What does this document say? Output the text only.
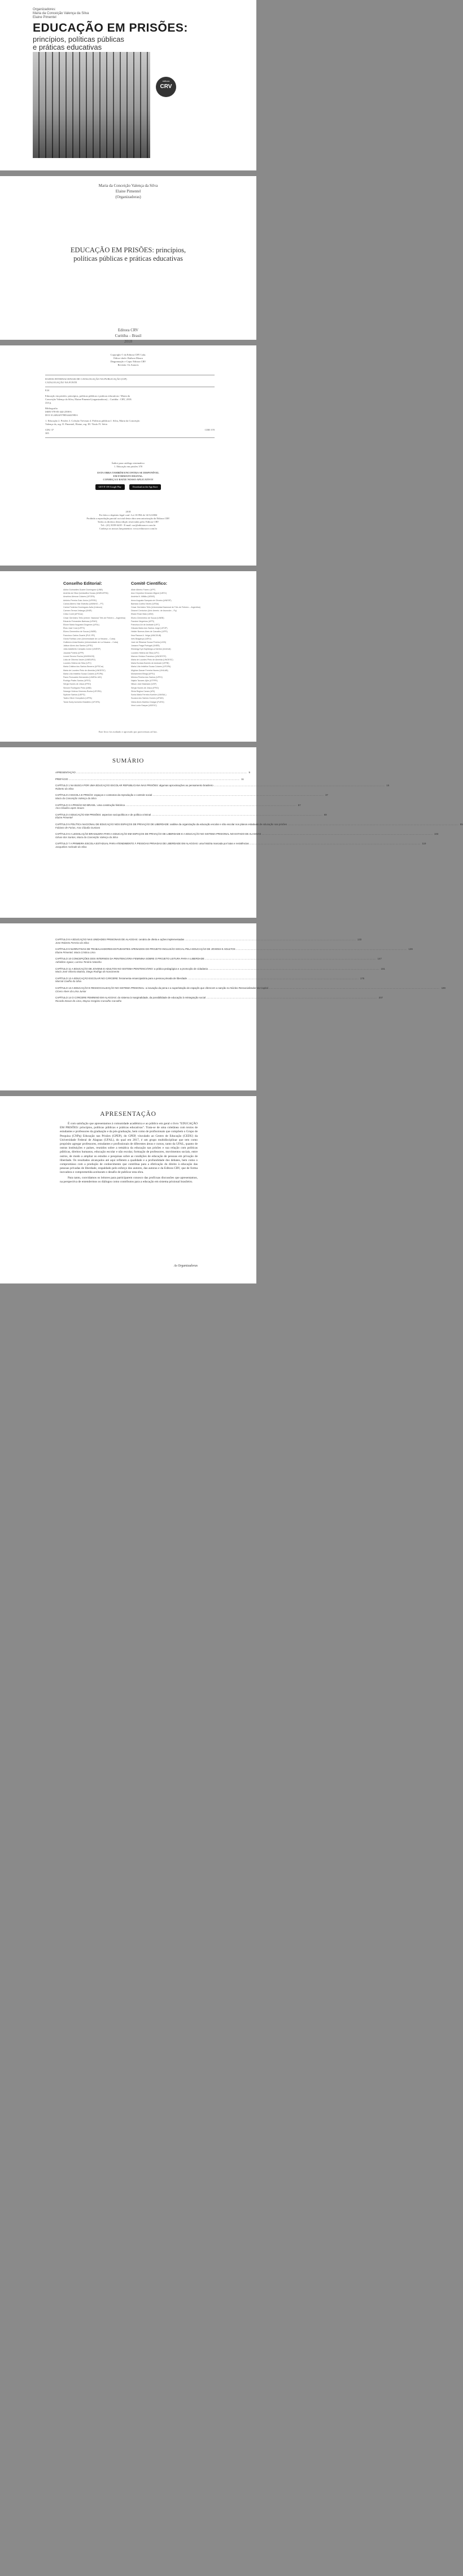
Organizadores:
Maria da Conceição Valença da Silva
Elaine Pimentel
EDUCAÇÃO EM PRISÕES:
princípios, políticas públicas
e práticas educativas
editora
CRV
Maria da Conceição Valença da Silva
Elaine Pimentel
(Organizadoras)
EDUCAÇÃO EM PRISÕES: princípios,
políticas públicas e práticas educativas
Editora CRV
Curitiba – Brasil
2018
Copyright © da Editora CRV Ltda.
Editor-chefe: Railson Moura
Diagramação e Capa: Editora CRV
Revisão: Os Autores
DADOS INTERNACIONAIS DE CATALOGAÇÃO NA PUBLICAÇÃO (CIP)
CATALOGAÇÃO NA FONTE
E24
Educação em prisões: princípios, políticas públicas e práticas educativas / Maria da
Conceição Valença da Silva, Elaine Pimentel (organizadoras) – Curitiba : CRV, 2018.
224 p.
Bibliografia
ISBN 978-85-444-2598-6
DOI 10.24824/978854442598.6
1. Educação 2. Prisões 3. Coleção Trevisan 4. Políticas públicas I. Silva, Maria da Conceição
Valença da, org. II. Pimentel, Elaine, org. III. Título IV. Série.
CDU 37	CDD 370
305
Índice para catálogo sistemático
1. Educação em prisões 370
ESTA OBRA TAMBÉM ENCONTRA-SE DISPONÍVEL
EM FORMATO DIGITAL.
CONHEÇA E BAIXE NOSSO APLICATIVO!
GET IT ON Google Play	Download on the App Store
2018
Foi feito o depósito legal conf. Lei 10.994 de 14/12/2004
Proibida a reprodução parcial ou total desta obra sem autorização da Editora CRV
Todos os direitos desta edição reservados pela: Editora CRV
Tel.: (41) 3039-6418 - E-mail: sac@editoracrv.com.br
Conheça os nossos lançamentos: www.editoracrv.com.br
Conselho Editorial:	Comitê Científico:
Aldira Guimarães Duarte Domínguez (UNB)
Andréia da Silva Quintanilha Sousa (UNIR/UFRN)
Anselmo Alencar Colares (UFOPA)
Antônio Pereira Gaio Júnior (UFRRJ)
Carlos Alberto Vilar Estêvão (UMINHO – PT)
Carlos Federico Dominguez Avila (Unieuro)
Carmen Tereza Velanga (UNIR)
Celso Conti (UFSCar)
Cesar Gerônimo Tello (Univer. Nacional Três de Febrero – Argentina)
Eduardo Fernandes Barbosa (UFMG)
Elione Maria Nogueira Diogenes (UFAL)
Élsio José Corá (UFFS)
Elizeu Clementino de Souza (UNEB)
Francisco Carlos Duarte (PUC-PR)
Gloria Fariñas León (Universidade de La Havana – Cuba)
Guillermo Arias Beatón (Universidade de La Havana – Cuba)
Jailson Alves dos Santos (UFRJ)
João Adalberto Campato Junior (UNESP)
Josania Portela (UFPI)
Leonel Severo Rocha (UNISINOS)
Lídia de Oliveira Xavier (UNIEURO)
Lourdes Helena da Silva (UFV)
Maria Cristina dos Santos Bezerra (UFSCar)
Maria de Lourdes Pinto de Almeida (UNOESC)
Maria Lília Imbiriba Sousa Colares (UFOPA)
Paulo Romualdo Hernandes (UNIFAL-MG)
Rodrigo Pratte-Santos (UFES)
Sérgio Nunes de Jesus (IFRO)
Simone Rodrigues Pinto (UNB)
Solange Helena Ximenes-Rocha (UFOPA)
Sydione Santos (UEPG)
Tadeu Oliver Gonçalves (UFPA)
Tania Suely Azevedo Brasileiro (UFOPA)
Altair Alberto Fávero (UPF)
Ana Chrystina Venancio Mignot (UERJ)
Andréia N. Militão (UEMS)
Anna Augusta Sampaio de Oliveira (UNESP)
Barbara Coelho Neves (UFBA)
Cesar Gerônimo Tello (Universidad Nacional de Três de Febrero – Argentina)
Diosnel Centurion (Univ Americ. de Asunción – Py)
Eliane Rose Maio (UEM)
Elizeu Clementino de Souza (UNEB)
Fauston Negreiros (UFPI)
Francisco Ari de Andrade (UFC)
Gláucia Maria dos Santos Jorge (UFOP)
Helder Buenos Aires de Carvalho (UFPI)
Ilma Passos A. Veiga (UNICEUB)
Inês Bragança (UERJ)
José de Ribamar Sousa Pereira (UCB)
Jussara Fraga Portugal (UNEB)
Kilwangy Kya Kapitango-a-Samba (Unemat)
Lourdes Helena da Silva (UFV)
Marcos Vinicius Francisco (UNOESTE)
Maria de Lourdes Pinto de Almeida (UNOESC)
Maria Eurácia Barreto de Andrade (UFRB)
Maria Lília Imbiriba Sousa Colares (UFOPA)
Míghian Danae Ferreira Nunes (UNILAB)
Mohammed Elhajji (UFRJ)
Mônica Pereira dos Santos (UFRJ)
Najela Tavares Ujiie (UTFPR)
Nilson José Machado (USP)
Sérgio Nunes de Jesus (IFRO)
Silvia Regina Canan (URI)
Sonia Maria Ferreira Koehler (UNISAL)
Suzana dos Santos Gomes (UFMG)
Vânia Alves Martins Chaigar (FURG)
Vera Lucia Gaspar (UDESC)
Este livro foi avaliado e aprovado por pareceristas ad hoc.
SUMÁRIO
APRESENTAÇÃO .....	9
PREFÁCIO .....	11
CAPÍTULO 1 NA BUSCA POR UMA EDUCAÇÃO ESCOLAR REPUBLICANA NAS PRISÕES: algumas aproximações ao pensamento brasileiro .....	15
Roberto da Silva
CAPÍTULO 2 ESCOLA E PRISÃO: espaços e contextos da reprodução e controle social .....	37
Maria da Conceição Valença da Silva
CAPÍTULO 3 A PRISÃO NO BRASIL: uma construção histórica .....	57
Ana Cláudia Lopes Souza
CAPÍTULO 4 EDUCAÇÃO EM PRISÕES: aspectos sociopolíticos e de política criminal .....	69
Elaine Pimentel
CAPÍTULO 5 POLÍTICA NACIONAL DE EDUCAÇÃO NOS ESPAÇOS DE PRIVAÇÃO DE LIBERDADE: análise da organização da educação escolar e não escolar nos planos estaduais de educação nas prisões .....	85
Fabiano de Farias, Ana Cláudia Gustavo
CAPÍTULO 6 A LEGISLAÇÃO BRASILEIRA PARA A EDUCAÇÃO EM ESPAÇOS DE PRIVAÇÃO DE LIBERDADE E A EDUCAÇÃO NO SISTEMA PRISIONAL NO ESTADO DE ALAGOAS .....	103
Gilvan dos Santos, Maria da Conceição Valença da Silva
CAPÍTULO 7 A PRIMEIRA ESCOLA ESTADUAL PARA ATENDIMENTO À PESSOAS PRIVADAS DE LIBERDADE EM ALAGOAS: uma história marcada por lutas e resistências .....	119
Jacqueline Andrade da Silva
CAPÍTULO 8 A EDUCAÇÃO NAS UNIDADES PRISIONAIS DE ALAGOAS: cenário de oferta e ações implementadas .....	133
Jose Roberto Ferreira da Silva
CAPÍTULO 9 NARRATIVAS DE TRABALHADORES-ESTUDANTES-APENADOS DO PROJETO INCLUSÃO SOCIAL PELA EDUCAÇÃO DE JOVENS E ADULTOS .....	139
Elaine Pimentel, Maria Cristina Lima
CAPÍTULO 10 CONCEPÇÕES DOS INTERNOS DA PENITENCIÁRIA FEMININA SOBRE O PROJETO LEITURA PARA A LIBERDADE .....	147
Adrieliton Aguiar, Larissa Tenório Natasha
CAPÍTULO 11 A EDUCAÇÃO DE JOVENS E ADULTOS NO SISTEMA PENITENCIÁRIO: a prática pedagógica e a promoção de cidadania .....	161
Maria José Oliveira Batista, Diego Rodrigo do Nascimento
CAPÍTULO 12 A EDUCAÇÃO ESCOLAR NO CÁRCERE: ferramenta emancipatória para a pessoa privada de liberdade .....	175
Marcial Coelho da Silva
CAPÍTULO 13 A EDUCAÇÃO E RESSOCIALIZAÇÃO NO SISTEMA PRISIONAL: a inovação da pena e a superlotação de espaçõs que oferecem a sanção no Núcleo Ressocializador da Capital .....	189
Cícero Alves da Lima Junior
CAPÍTULO 14 O CÁRCERE FEMININO EM ALAGOAS: do sistema à marginalidade, da possibilidade de educação à reintegração social .....	207
Ricardo Dosan de Lima, Maysa Gregório Carvalho Carvalho
APRESENTAÇÃO

É com satisfação que apresentamos à comunidade acadêmica e ao público em geral o livro "EDUCAÇÃO EM PRISÕES: princípios, políticas públicas e práticas educativas". Trata-se de uma coletânea com textos de estudantes e professores da graduação e da pós-graduação, bem como de profissionais que compõem o Grupo de Pesquisa (CNPq) Educação nas Prisões (GPEP), do GPEP, vinculado ao Centro de Educação (CEDU) da Universidade Federal de Alagoas (UFAL), do qual em 2017, é um grupo multidisciplinar que tem como propósito agregar professores, estudantes e profissionais de diferentes áreas e cursos, tanto da UFAL, quanto de outras instituições e países, reunidos sobre a temática da educação nas prisões e sua relação com políticas públicas, direitos humanos, educação escolar e não escolar, formação de professores, movimentos sociais, entre outros, de modo a ampliar os estudos e pesquisas sobre as condições de educação de pessoas em privação de liberdade. Os resultados alcançados até aqui refletem a qualidade e a profundidade dos debates, bem como o compromisso com a produção de conhecimento que contribua para a efetivação do direito à educação das pessoas privadas de liberdade, respaldado pelo esforço dos autores, das autoras e da Editora CRV, que de forma inovadora e comprometida aceitaram o desafio de publicar esta obra.

Para tanto, convidamos os leitores para participarem conosco das profícuas discussões que apresentamos, na perspectiva de entendermos os diálogos como contributos para a educação em sistema prisional brasileiro.

As Organizadoras
